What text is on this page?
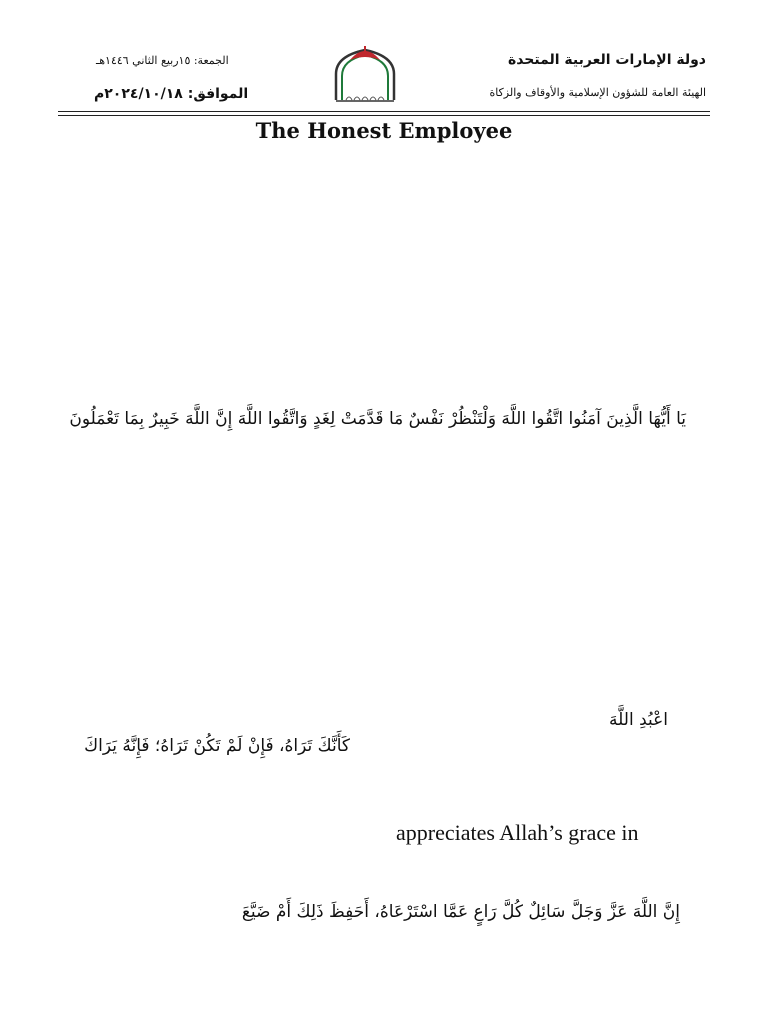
دولة الإمارات العربية المتحدة
الهيئة العامة للشؤون الإسلامية والأوقاف والزكاة
الجمعة: ١٥ربيع الثاني ١٤٤٦هـ
الموافق: ٢٠٢٤/١٠/١٨م
The Honest Employee
يَا أَيُّهَا الَّذِينَ آمَنُوا اتَّقُوا اللَّهَ وَلْتَنْظُرْ نَفْسٌ مَا قَدَّمَتْ لِغَدٍ وَاتَّقُوا اللَّهَ إِنَّ اللَّهَ خَبِيرٌ بِمَا تَعْمَلُونَ
اعْبُدِ اللَّهَ
كَأَنَّكَ تَرَاهُ، فَإِنْ لَمْ تَكُنْ تَرَاهُ؛ فَإِنَّهُ يَرَاكَ
appreciates Allah’s grace in
إِنَّ اللَّهَ عَزَّ وَجَلَّ سَائِلٌ كُلَّ رَاعٍ عَمَّا اسْتَرْعَاهُ، أَحَفِظَ ذَلِكَ أَمْ ضَيَّعَ
